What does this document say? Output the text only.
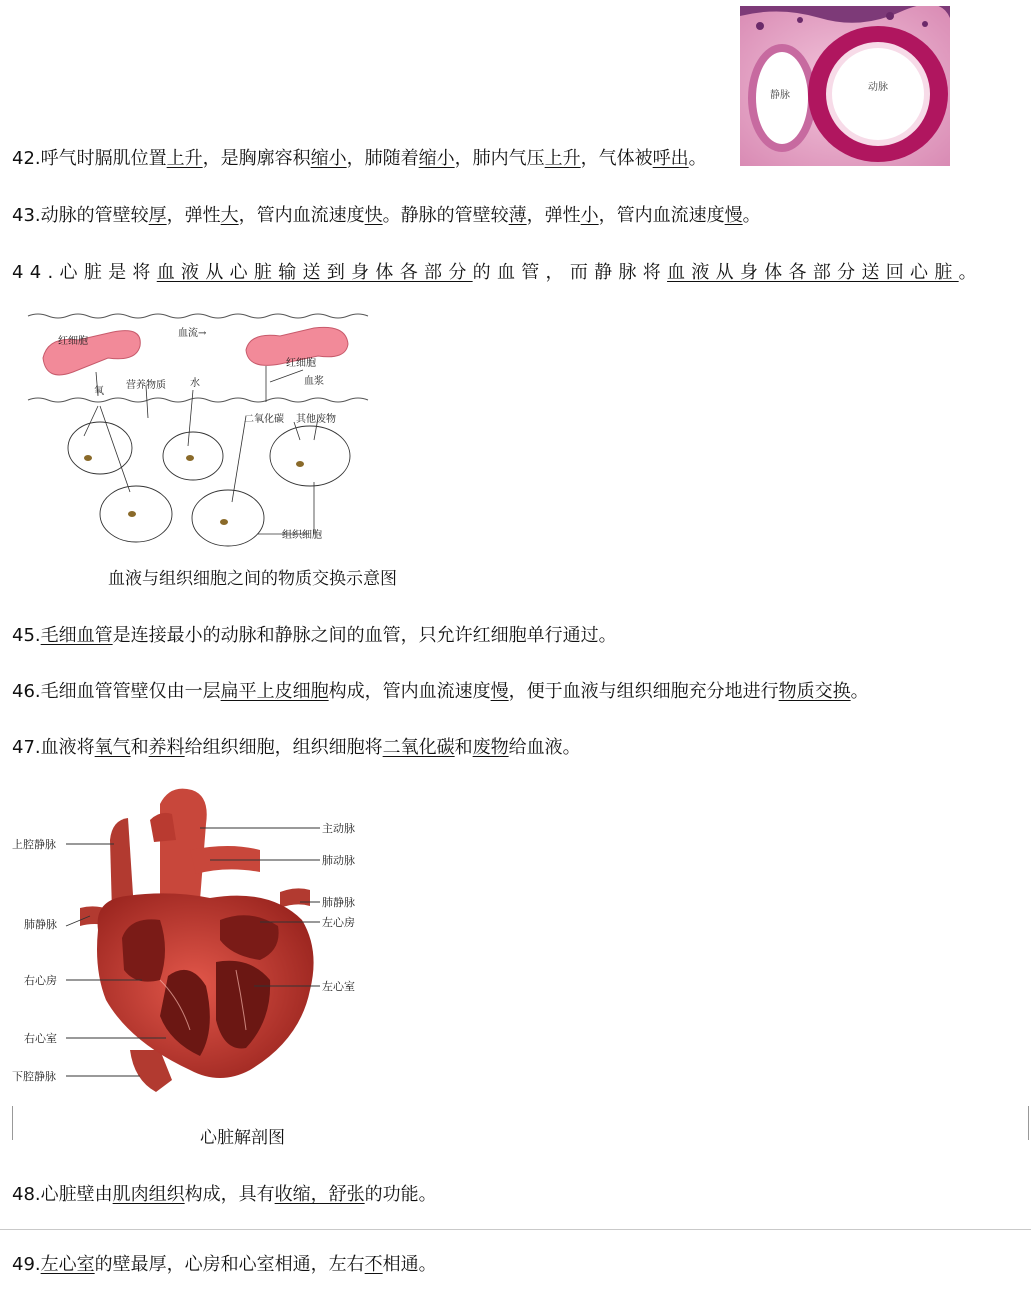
静脉
动脉
42.呼气时膈肌位置上升，是胸廓容积缩小，肺随着缩小，肺内气压上升，气体被呼出。
43.动脉的管壁较厚，弹性大，管内血流速度快。静脉的管壁较薄，弹性小，管内血流速度慢。
44.心脏是将血液从心脏输送到身体各部分的血管，而静脉将血液从身体各部分送回心脏。
红细胞
血流→
红细胞
氧
营养物质 水	血浆
二氧化碳 其他废物
组织细胞
血液与组织细胞之间的物质交换示意图
45.毛细血管是连接最小的动脉和静脉之间的血管，只允许红细胞单行通过。
46.毛细血管管壁仅由一层扁平上皮细胞构成，管内血流速度慢，便于血液与组织细胞充分地进行物质交换。
47.血液将氧气和养料给组织细胞，组织细胞将二氧化碳和废物给血液。
上腔静脉
肺静脉
右心房
右心室
下腔静脉
主动脉
肺动脉
肺静脉
左心房
左心室
心脏解剖图
48.心脏壁由肌肉组织构成，具有收缩，舒张的功能。
49.左心室的壁最厚，心房和心室相通，左右不相通。
